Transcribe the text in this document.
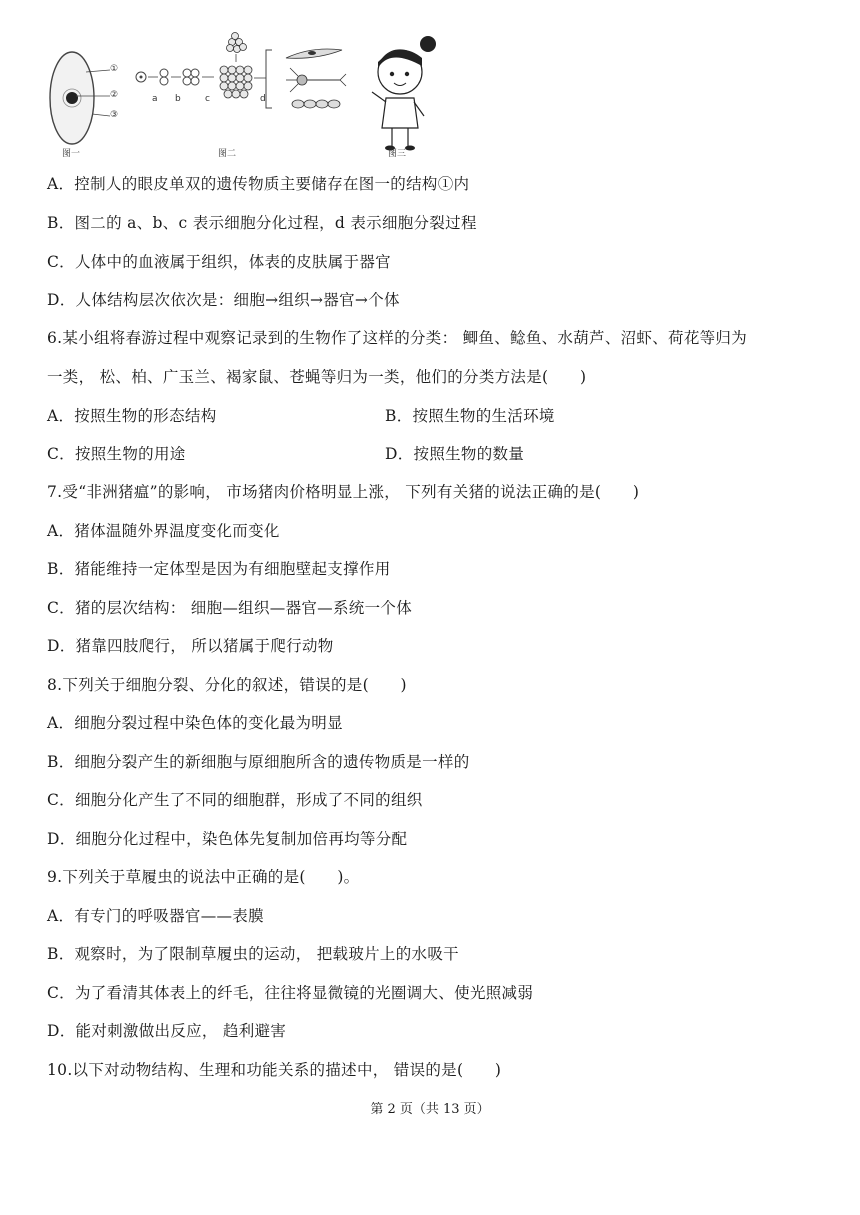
①
②
③
a b	c	d
图一	图二	图三
A．控制人的眼皮单双的遗传物质主要储存在图一的结构①内
B．图二的 a、b、c 表示细胞分化过程，d 表示细胞分裂过程
C．人体中的血液属于组织，体表的皮肤属于器官
D．人体结构层次依次是：细胞→组织→器官→个体
6.某小组将春游过程中观察记录到的生物作了这样的分类： 鲫鱼、鲶鱼、水葫芦、沼虾、荷花等归为
一类， 松、柏、广玉兰、褐家鼠、苍蝇等归为一类，他们的分类方法是(　　)
A．按照生物的形态结构	B．按照生物的生活环境
C．按照生物的用途	D．按照生物的数量
7.受“非洲猪瘟”的影响， 市场猪肉价格明显上涨， 下列有关猪的说法正确的是(　　)
A．猪体温随外界温度变化而变化
B．猪能维持一定体型是因为有细胞壁起支撑作用
C．猪的层次结构： 细胞—组织—器官—系统一个体
D．猪靠四肢爬行， 所以猪属于爬行动物
8.下列关于细胞分裂、分化的叙述，错误的是(　　)
A．细胞分裂过程中染色体的变化最为明显
B．细胞分裂产生的新细胞与原细胞所含的遗传物质是一样的
C．细胞分化产生了不同的细胞群，形成了不同的组织
D．细胞分化过程中，染色体先复制加倍再均等分配
9.下列关于草履虫的说法中正确的是(　　)。
A．有专门的呼吸器官——表膜
B．观察时，为了限制草履虫的运动， 把载玻片上的水吸干
C．为了看清其体表上的纤毛，往往将显微镜的光圈调大、使光照减弱
D．能对刺激做出反应， 趋利避害
10.以下对动物结构、生理和功能关系的描述中， 错误的是(　　)
第 2 页（共 13 页）
